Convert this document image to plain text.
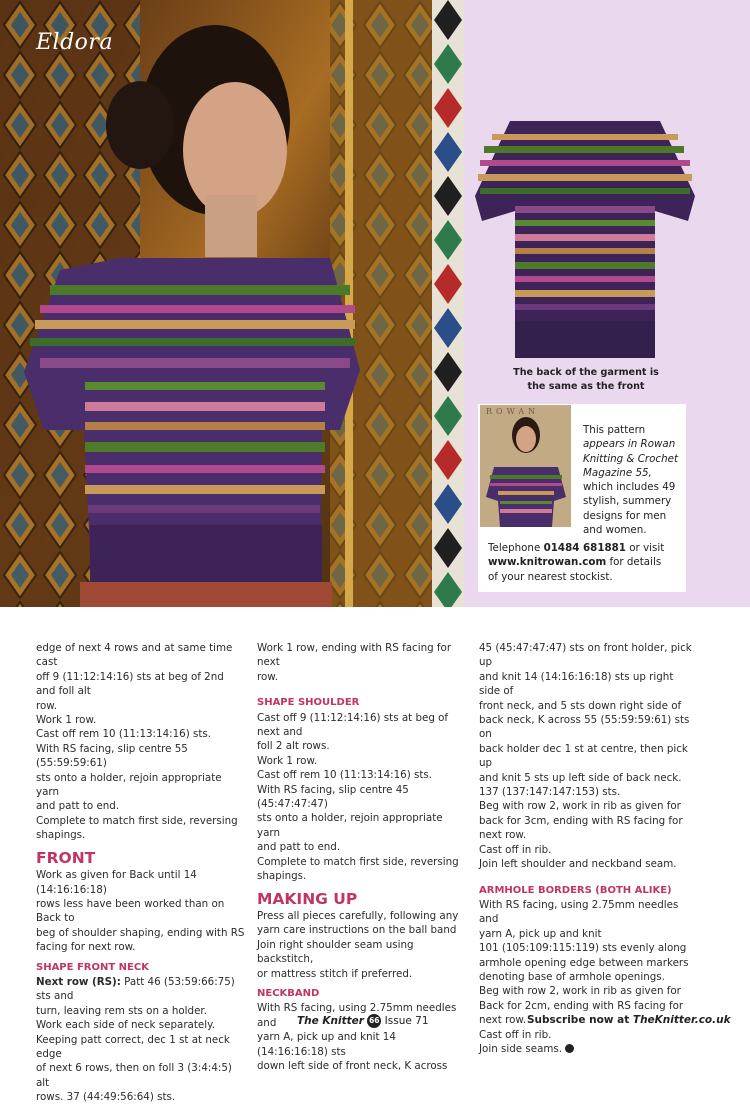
Eldora
The back of the garment is the same as the front
ROWAN
This pattern
appears in Rowan
Knitting & Crochet
Magazine 55,
which includes 49
stylish, summery
designs for men
and women.
Telephone 01484 681881 or visit
www.knitrowan.com for details
of your nearest stockist.

edge of next 4 rows and at same time cast

off 9 (11:12:14:16) sts at beg of 2nd and foll alt

row.

Work 1 row.

Cast off rem 10 (11:13:14:16) sts.

With RS facing, slip centre 55 (55:59:59:61)

sts onto a holder, rejoin appropriate yarn

and patt to end.

Complete to match first side, reversing

shapings.

FRONT

Work as given for Back until 14 (14:16:16:18)

rows less have been worked than on Back to

beg of shoulder shaping, ending with RS

facing for next row.

SHAPE FRONT NECK

Next row (RS): Patt 46 (53:59:66:75) sts and

turn, leaving rem sts on a holder.

Work each side of neck separately.

Keeping patt correct, dec 1 st at neck edge

of next 6 rows, then on foll 3 (3:4:4:5) alt

rows. 37 (44:49:56:64) sts.

Work 1 row, ending with RS facing for next

row.

SHAPE SHOULDER

Cast off 9 (11:12:14:16) sts at beg of next and

foll 2 alt rows.

Work 1 row.

Cast off rem 10 (11:13:14:16) sts.

With RS facing, slip centre 45 (45:47:47:47)

sts onto a holder, rejoin appropriate yarn

and patt to end.

Complete to match first side, reversing

shapings.

MAKING UP

Press all pieces carefully, following any

yarn care instructions on the ball band

Join right shoulder seam using backstitch,

or mattress stitch if preferred.

NECKBAND

With RS facing, using 2.75mm needles and

yarn A, pick up and knit 14 (14:16:16:18) sts

down left side of front neck, K across

45 (45:47:47:47) sts on front holder, pick up

and knit 14 (14:16:16:18) sts up right side of

front neck, and 5 sts down right side of

back neck, K across 55 (55:59:59:61) sts on

back holder dec 1 st at centre, then pick up

and knit 5 sts up left side of back neck.

137 (137:147:147:153) sts.

Beg with row 2, work in rib as given for

back for 3cm, ending with RS facing for

next row.

Cast off in rib.

Join left shoulder and neckband seam.

ARMHOLE BORDERS (BOTH ALIKE)

With RS facing, using 2.75mm needles and

yarn A, pick up and knit

101 (105:109:115:119) sts evenly along

armhole opening edge between markers

denoting base of armhole openings.

Beg with row 2, work in rib as given for

Back for 2cm, ending with RS facing for

next row.

Cast off in rib.

Join side seams.

The Knitter 66 Issue 71	Subscribe now at TheKnitter.co.uk
